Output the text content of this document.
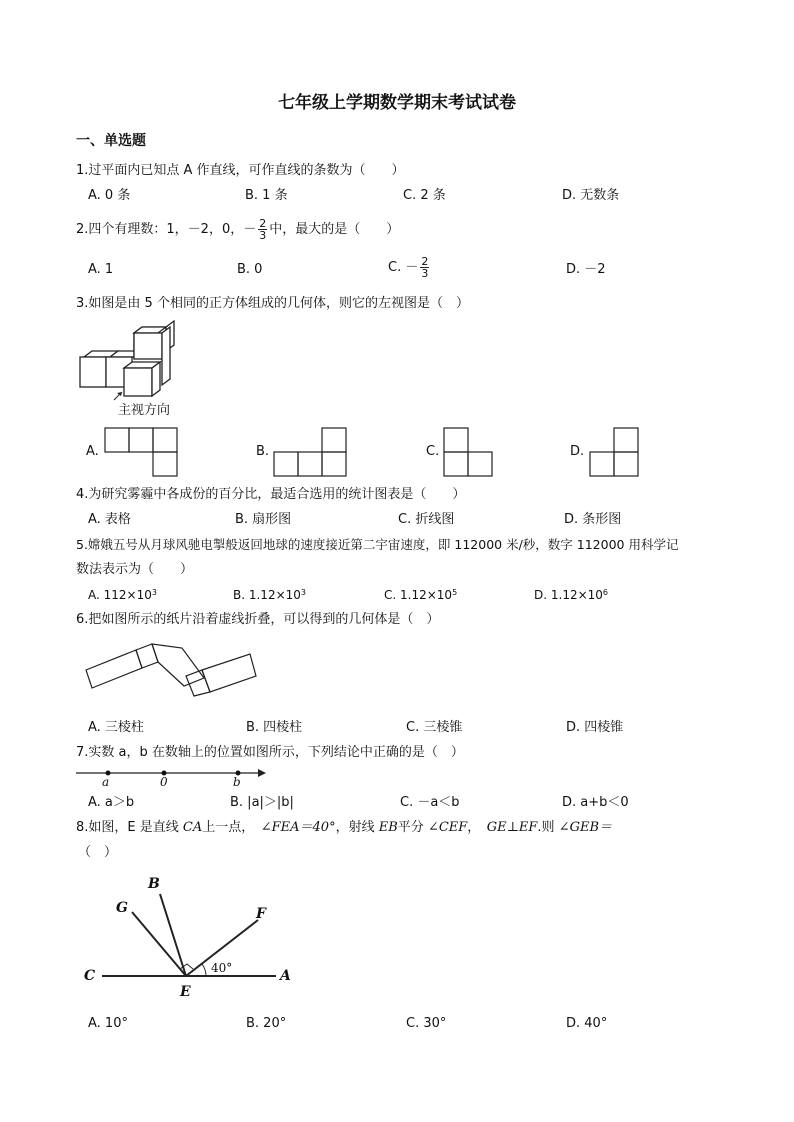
七年级上学期数学期末考试试卷
一、单选题
1.过平面内已知点 A 作直线，可作直线的条数为（　　）
A. 0 条	B. 1 条	C. 2 条	D. 无数条
2.四个有理数：1，－2，0，－ $\frac{2}{3}$ 中，最大的是（　　）
A. 1	B. 0	C. － $\frac{2}{3}$	D. －2
3.如图是由 5 个相同的正方体组成的几何体，则它的左视图是（　）
主视方向
A.	B.	C.	D.
4.为研究雾霾中各成份的百分比，最适合选用的统计图表是（　　）
A. 表格	B. 扇形图	C. 折线图	D. 条形图
5.嫦娥五号从月球风驰电掣般返回地球的速度接近第二宇宙速度，即 112000 米/秒，数字 112000 用科学记
数法表示为（　　）
A. $112\times 10^3$	B. $1.12\times 10^3$	C. $1.12\times 10^5$	D. $1.12\times 10^6$
6.把如图所示的纸片沿着虚线折叠，可以得到的几何体是（　）
A. 三棱柱	B. 四棱柱	C. 三棱锥	D. 四棱锥
7.实数 a，b 在数轴上的位置如图所示，下列结论中正确的是（　）
a	0	b
A. a＞b	B. |a|＞|b|	C. －a＜b	D. a+b＜0
8.如图，E 是直线 CA上一点，　∠FEA＝40°，射线 EB平分 ∠CEF，　GE⊥EF.则 ∠GEB＝
（　）
G
B
F
C
E
A
40°
A. 10°	B. 20°	C. 30°	D. 40°
